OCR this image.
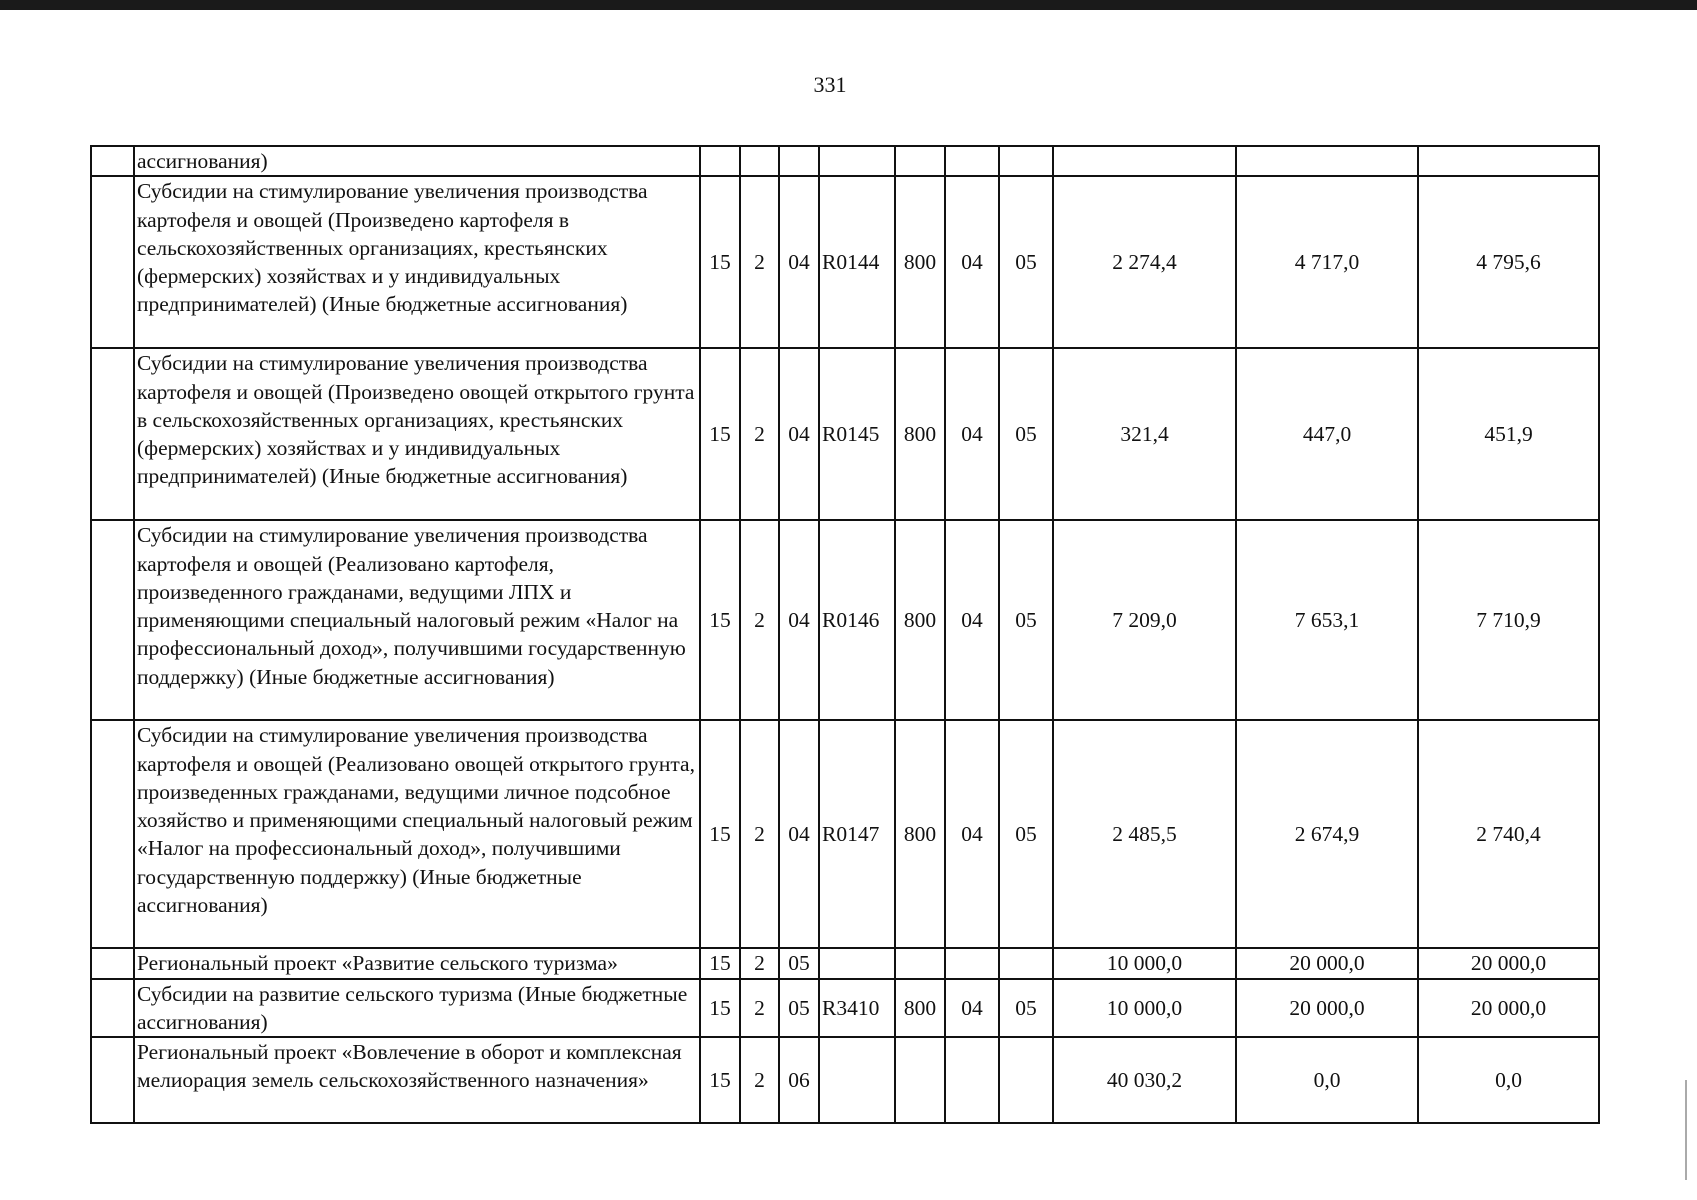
331
	ассигнования)										
	Субсидии на стимулирование увеличения производства картофеля и овощей (Произведено картофеля в сельскохозяйственных организациях, крестьянских (фермерских) хозяйствах и у индивидуальных предпринимателей) (Иные бюджетные ассигнования)	15	2	04	R0144	800	04	05	2 274,4	4 717,0	4 795,6
	Субсидии на стимулирование увеличения производства картофеля и овощей (Произведено овощей открытого грунта в сельскохозяйственных организациях, крестьянских (фермерских) хозяйствах и у индивидуальных предпринимателей) (Иные бюджетные ассигнования)	15	2	04	R0145	800	04	05	321,4	447,0	451,9
	Субсидии на стимулирование увеличения производства картофеля и овощей (Реализовано картофеля, произведенного гражданами, ведущими ЛПХ и применяющими специальный налоговый режим «Налог на профессиональный доход», получившими государственную поддержку) (Иные бюджетные ассигнования)	15	2	04	R0146	800	04	05	7 209,0	7 653,1	7 710,9
	Субсидии на стимулирование увеличения производства картофеля и овощей (Реализовано овощей открытого грунта, произведенных гражданами, ведущими личное подсобное хозяйство и применяющими специальный налоговый режим «Налог на профессиональный доход», получившими государственную поддержку) (Иные бюджетные ассигнования)	15	2	04	R0147	800	04	05	2 485,5	2 674,9	2 740,4
	Региональный проект «Развитие сельского туризма»	15	2	05					10 000,0	20 000,0	20 000,0
	Субсидии на развитие сельского туризма (Иные бюджетные ассигнования)	15	2	05	R3410	800	04	05	10 000,0	20 000,0	20 000,0
	Региональный проект «Вовлечение в оборот и комплексная мелиорация земель сельскохозяйственного назначения»	15	2	06					40 030,2	0,0	0,0
